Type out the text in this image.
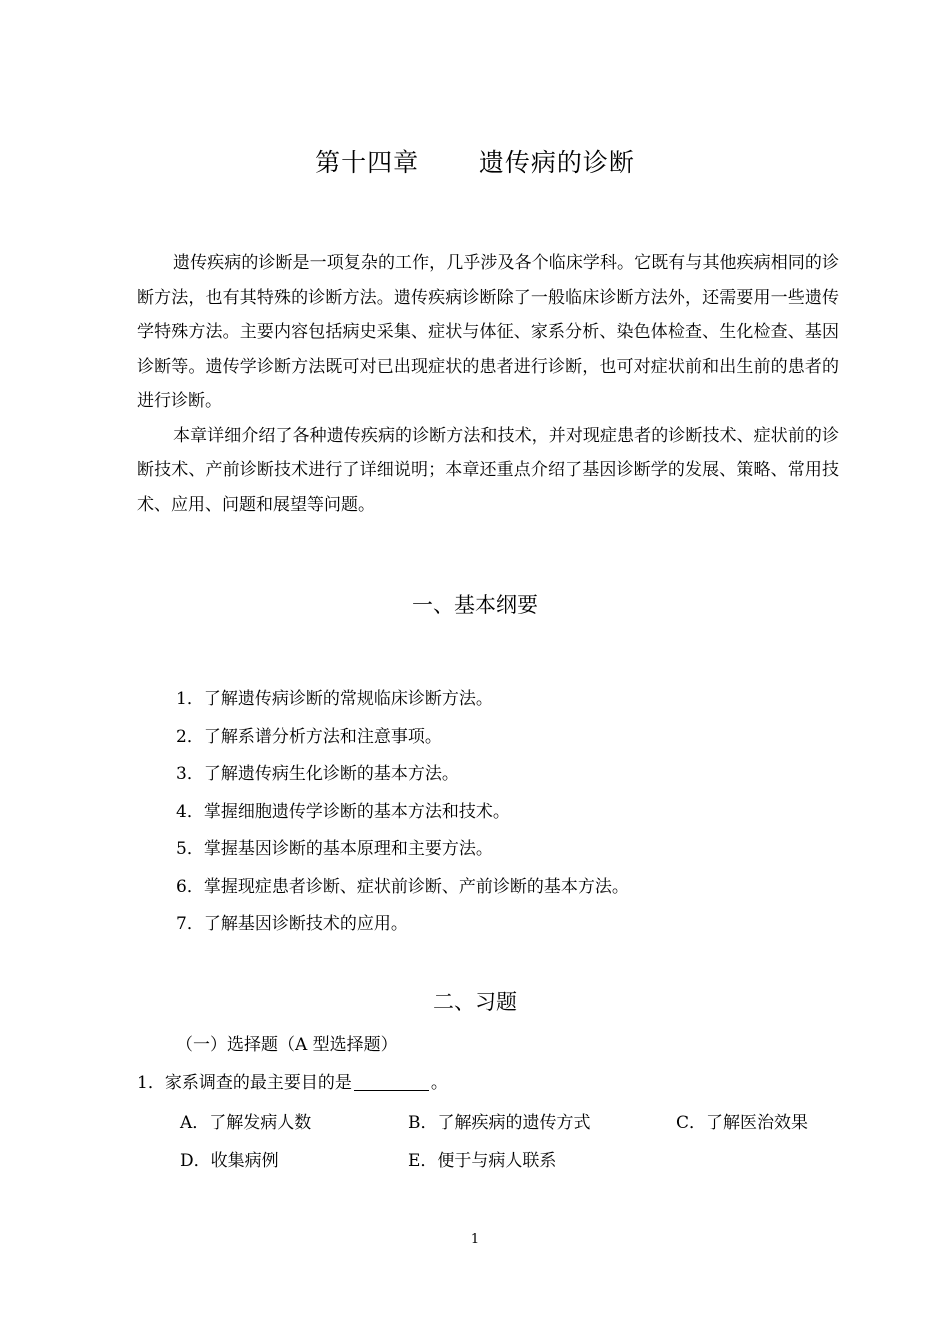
第十四章 遗传病的诊断

遗传疾病的诊断是一项复杂的工作，几乎涉及各个临床学科。它既有与其他疾病相同的诊断方法，也有其特殊的诊断方法。遗传疾病诊断除了一般临床诊断方法外，还需要用一些遗传学特殊方法。主要内容包括病史采集、症状与体征、家系分析、染色体检查、生化检查、基因诊断等。遗传学诊断方法既可对已出现症状的患者进行诊断，也可对症状前和出生前的患者的进行诊断。

本章详细介绍了各种遗传疾病的诊断方法和技术，并对现症患者的诊断技术、症状前的诊断技术、产前诊断技术进行了详细说明；本章还重点介绍了基因诊断学的发展、策略、常用技术、应用、问题和展望等问题。

一、基本纲要
1．了解遗传病诊断的常规临床诊断方法。
2．了解系谱分析方法和注意事项。
3．了解遗传病生化诊断的基本方法。
4．掌握细胞遗传学诊断的基本方法和技术。
5．掌握基因诊断的基本原理和主要方法。
6．掌握现症患者诊断、症状前诊断、产前诊断的基本方法。
7．了解基因诊断技术的应用。
二、习题
（一）选择题（A 型选择题）
1．家系调查的最主要目的是	。
A．了解发病人数	B．了解疾病的遗传方式	C．了解医治效果
D．收集病例	E．便于与病人联系
1
